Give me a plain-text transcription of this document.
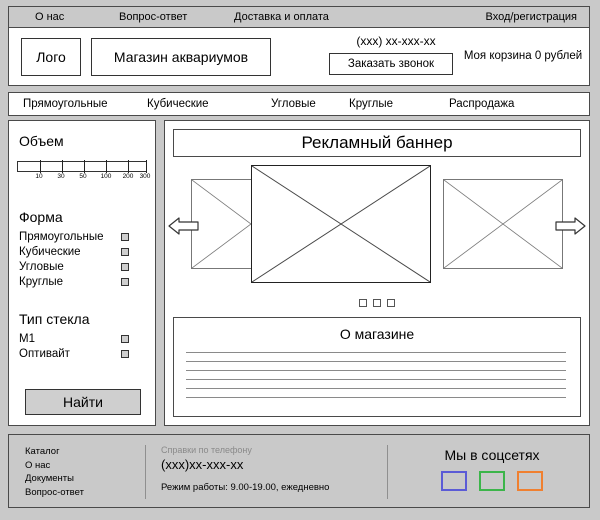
О нас	Вопрос-ответ	Доставка и оплата	Вход/регистрация
Лого	Магазин аквариумов
(xxx) xx-xxx-xx
Заказать звонок
Моя корзина 0 рублей
Прямоугольные	Кубические	Угловые	Круглые	Распродажа
Объем
10 30 50 100 200 300
Форма
Прямоугольные
Кубические
Угловые
Круглые
Тип стекла
M1
Оптивайт
Найти
Рекламный баннер
О магазине
Каталог
О нас
Документы
Вопрос-ответ
Справки по телефону
(xxx)xx-xxx-xx
Режим работы: 9.00-19.00, ежедневно
Мы в соцсетях
